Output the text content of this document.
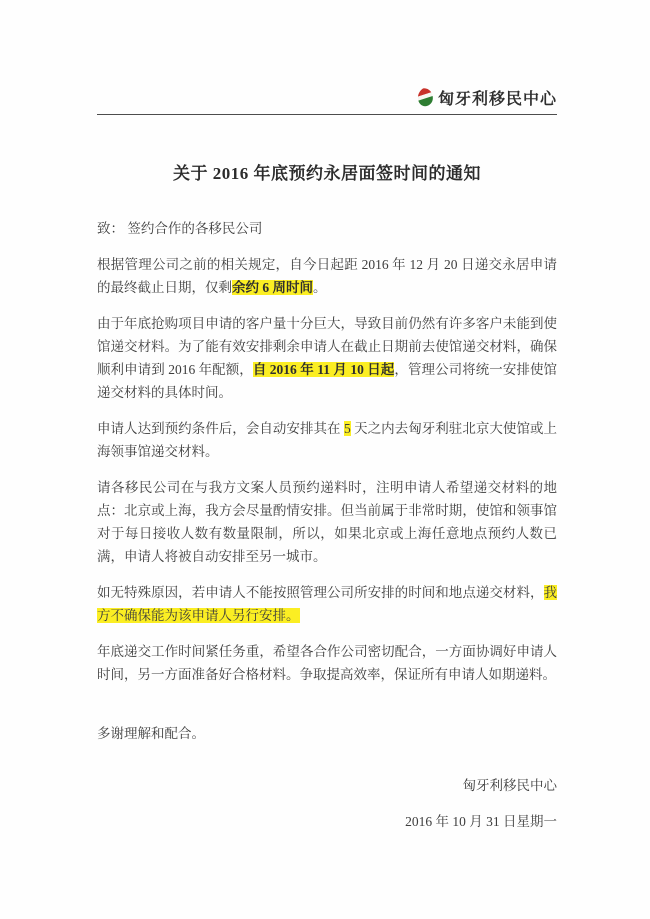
匈牙利移民中心
关于 2016 年底预约永居面签时间的通知

致： 签约合作的各移民公司

根据管理公司之前的相关规定，自今日起距 2016 年 12 月 20 日递交永居申请的最终截止日期，仅剩余约 6 周时间。

由于年底抢购项目申请的客户量十分巨大，导致目前仍然有许多客户未能到使馆递交材料。为了能有效安排剩余申请人在截止日期前去使馆递交材料，确保顺利申请到 2016 年配额，自 2016 年 11 月 10 日起，管理公司将统一安排使馆递交材料的具体时间。

申请人达到预约条件后，会自动安排其在 5 天之内去匈牙利驻北京大使馆或上海领事馆递交材料。

请各移民公司在与我方文案人员预约递料时，注明申请人希望递交材料的地点：北京或上海，我方会尽量酌情安排。但当前属于非常时期，使馆和领事馆对于每日接收人数有数量限制，所以，如果北京或上海任意地点预约人数已满，申请人将被自动安排至另一城市。

如无特殊原因，若申请人不能按照管理公司所安排的时间和地点递交材料，我方不确保能为该申请人另行安排。

年底递交工作时间紧任务重，希望各合作公司密切配合，一方面协调好申请人时间，另一方面准备好合格材料。争取提高效率，保证所有申请人如期递料。

多谢理解和配合。

匈牙利移民中心

2016 年 10 月 31 日星期一
